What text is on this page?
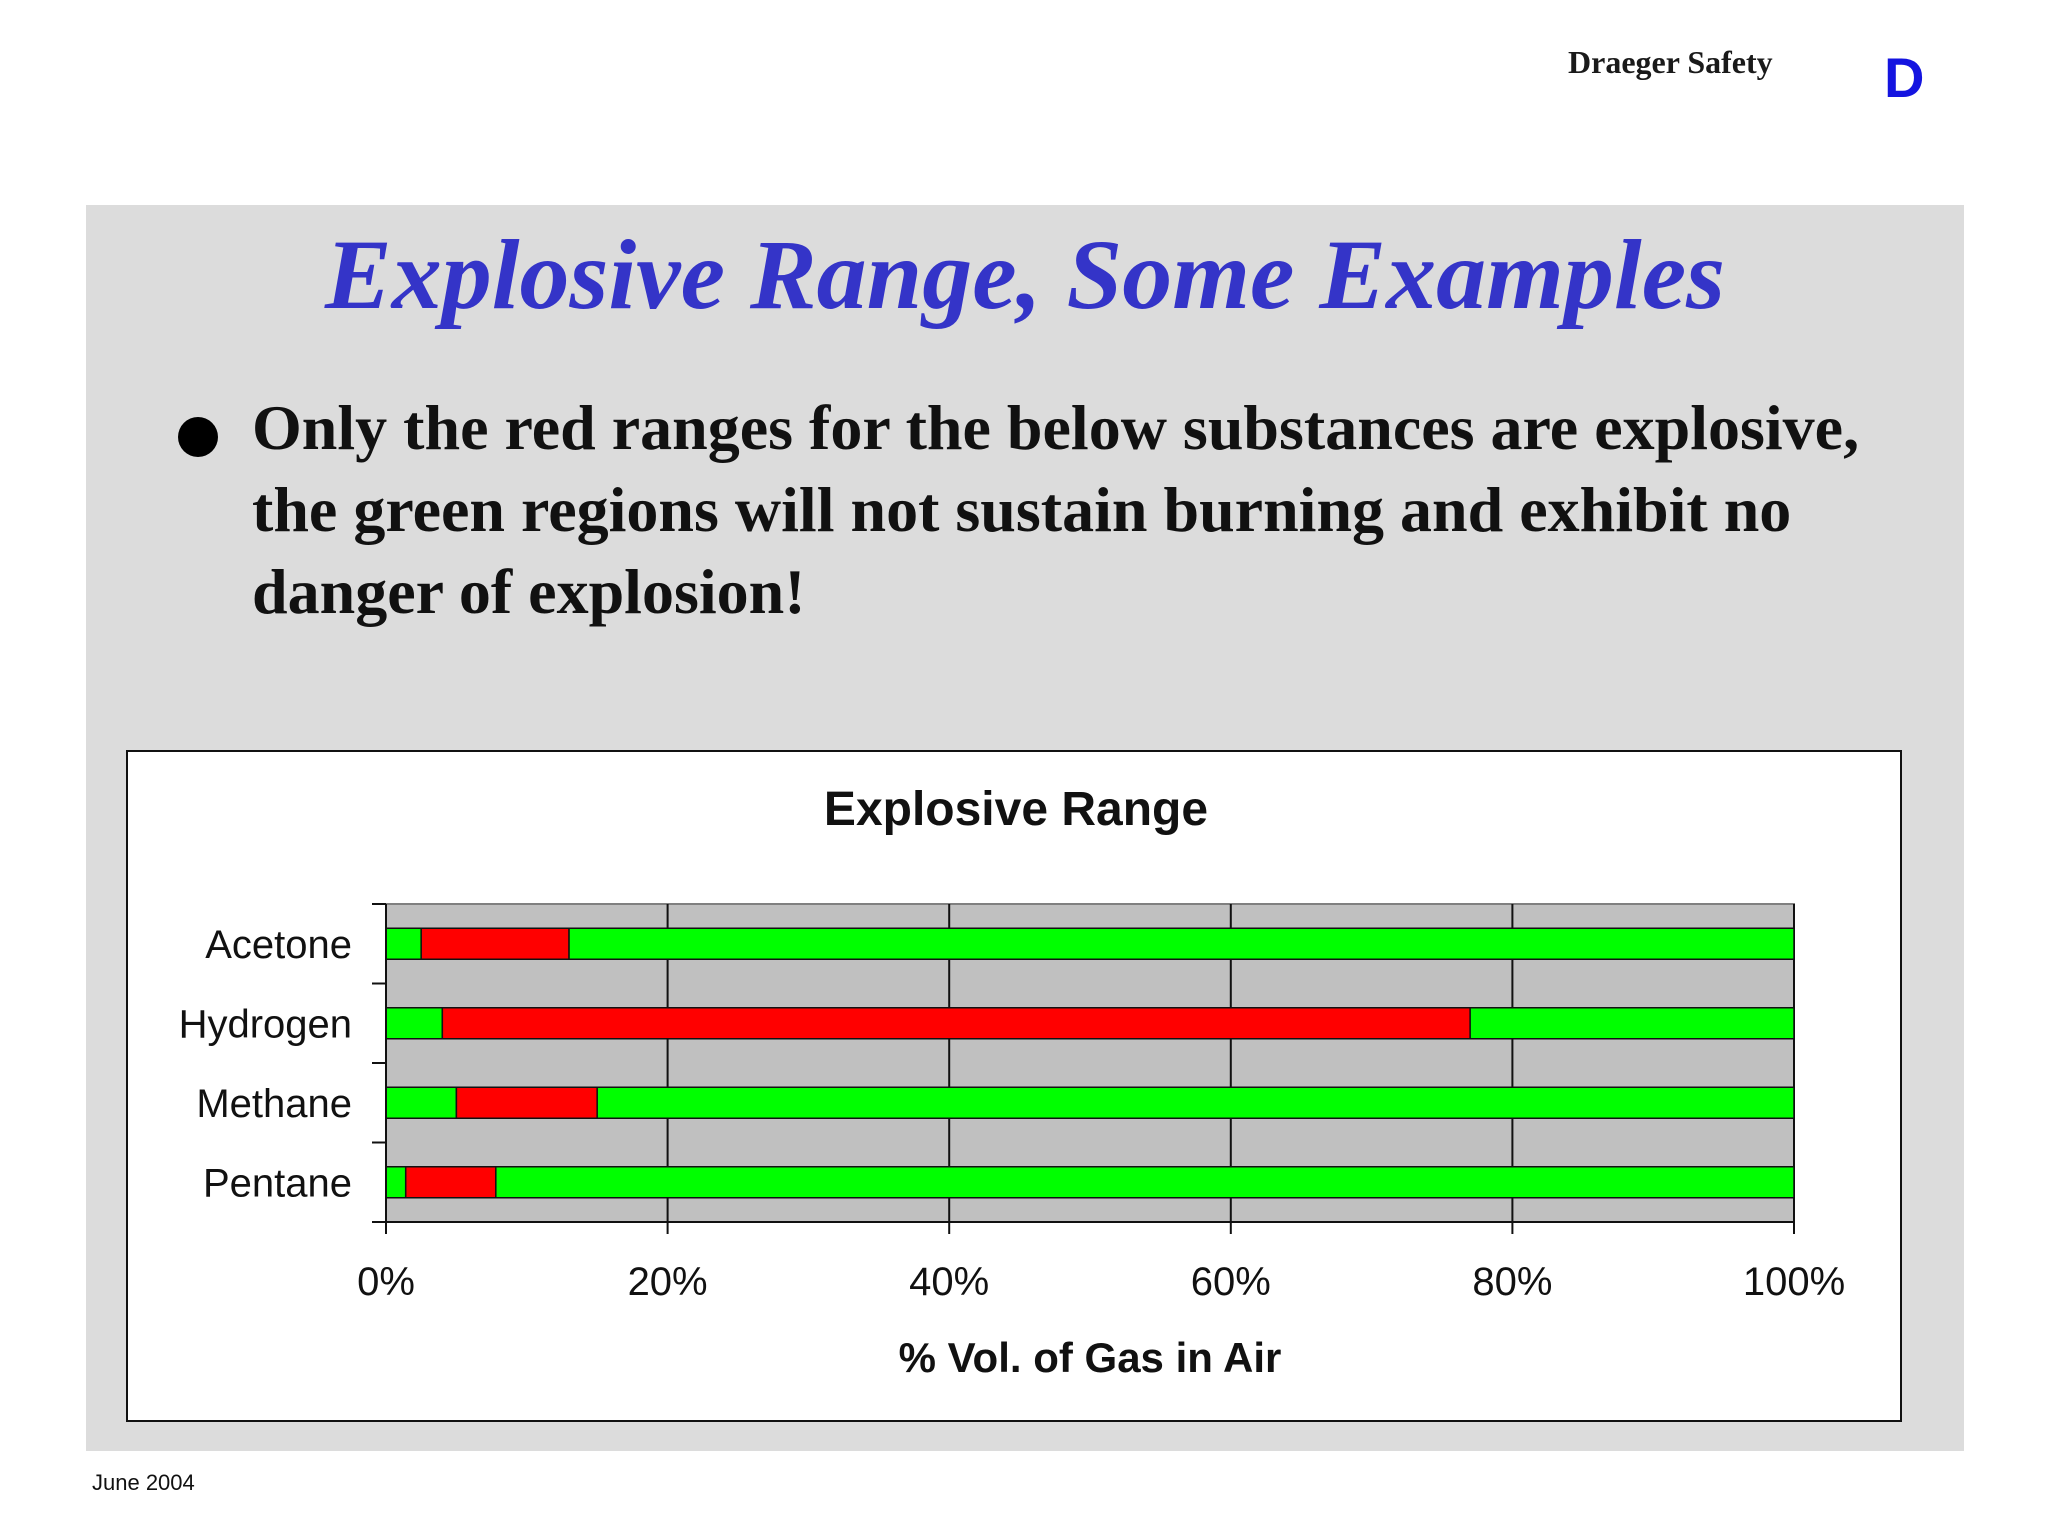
Draeger Safety D
Explosive Range, Some Examples
Only the red ranges for the below substances are explosive, the green regions will not sustain burning and exhibit no danger of explosion!
Explosive Range
Acetone
Hydrogen
Methane
Pentane
0%	20%	40%	60%	80%	100%
% Vol. of Gas in Air
June 2004
